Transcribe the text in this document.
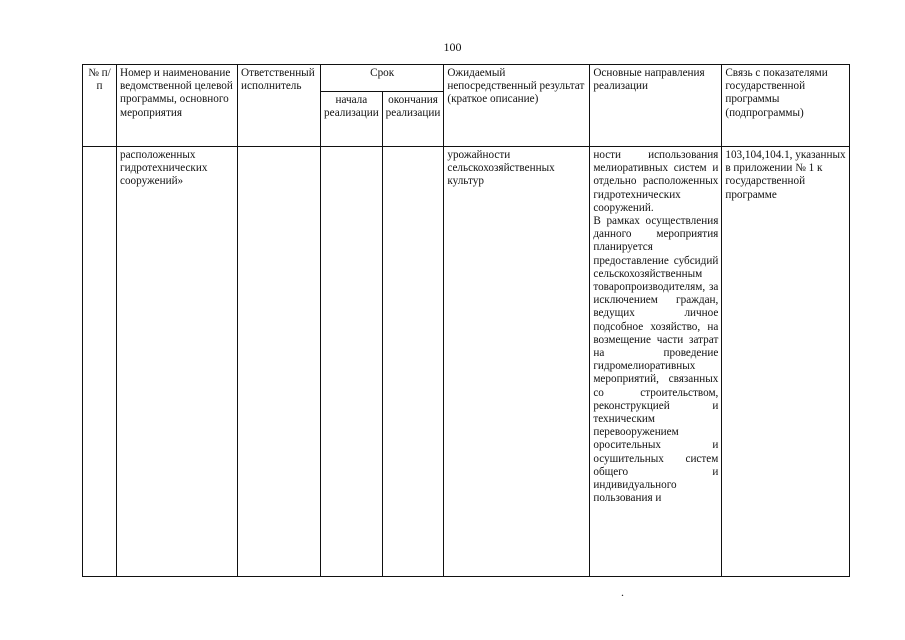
100
№ п/п	Номер и наименование ведомственной целевой программы, основного мероприятия	Ответственный исполнитель	Срок		Ожидаемый непосредственный результат (краткое описание)	Основные направления реализации	Связь с показателями государственной программы (подпрограммы)
			начала реализации	окончания реализации			
	расположенных гидротехнических сооружений»				урожайности сельскохозяйственных культур	ности использования мелиоративных систем и отдельно расположенных гидротехнических сооружений.
В рамках осуществления данного мероприятия планируется предоставление субсидий сельскохозяйственным товаропроизводителям, за исключением граждан, ведущих личное подсобное хозяйство, на возмещение части затрат на проведение гидромелиоративных мероприятий, связанных со строительством, реконструкцией и техническим перевооружением оросительных и осушительных систем общего и индивидуального пользования и	103,104,104.1, указанных в приложении № 1 к государственной программе
.
